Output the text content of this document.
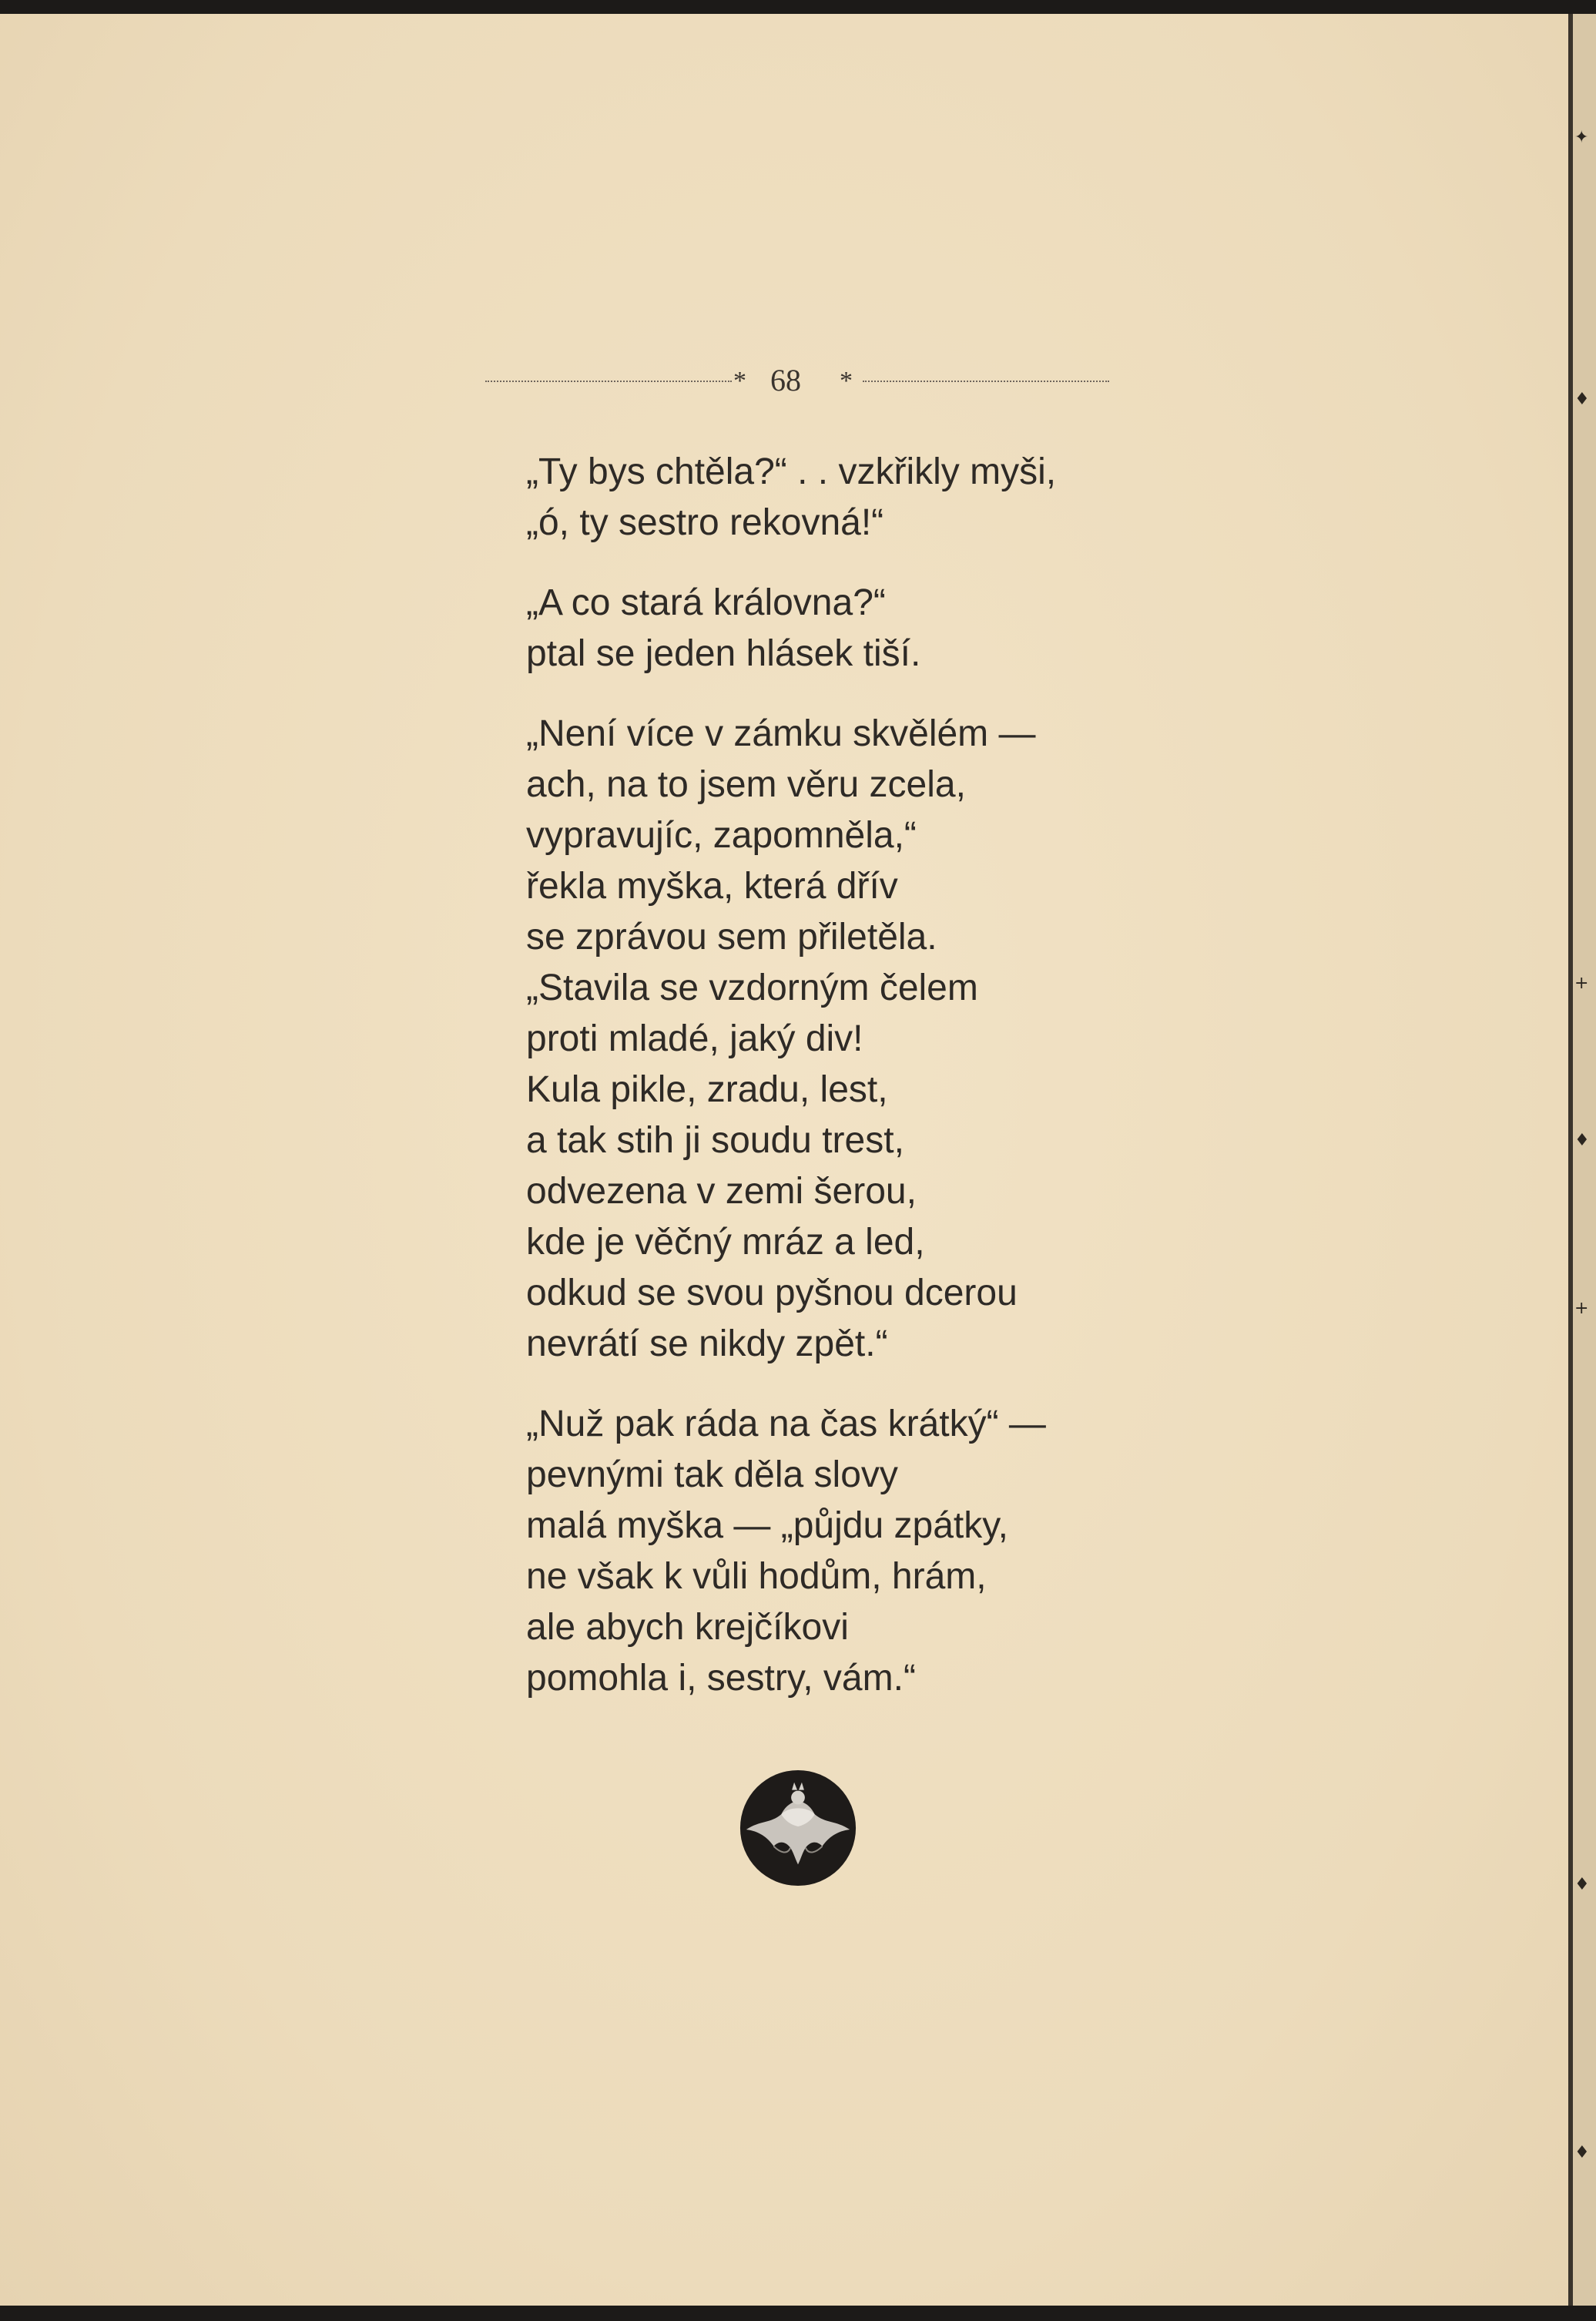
✦
♦
+
♦
+
♦
♦
* 68 *
„Ty bys chtěla?“ . . vzkřikly myši,
„ó, ty sestro rekovná!“
„A co stará královna?“
ptal se jeden hlásek tiší.
„Není více v zámku skvělém —
ach, na to jsem věru zcela,
vypravujíc, zapomněla,“
řekla myška, která dřív
se zprávou sem přiletěla.
„Stavila se vzdorným čelem
proti mladé, jaký div!
Kula pikle, zradu, lest,
a tak stih ji soudu trest,
odvezena v zemi šerou,
kde je věčný mráz a led,
odkud se svou pyšnou dcerou
nevrátí se nikdy zpět.“
„Nuž pak ráda na čas krátký“ —
pevnými tak děla slovy
malá myška — „půjdu zpátky,
ne však k vůli hodům, hrám,
ale abych krejčíkovi
pomohla i, sestry, vám.“
